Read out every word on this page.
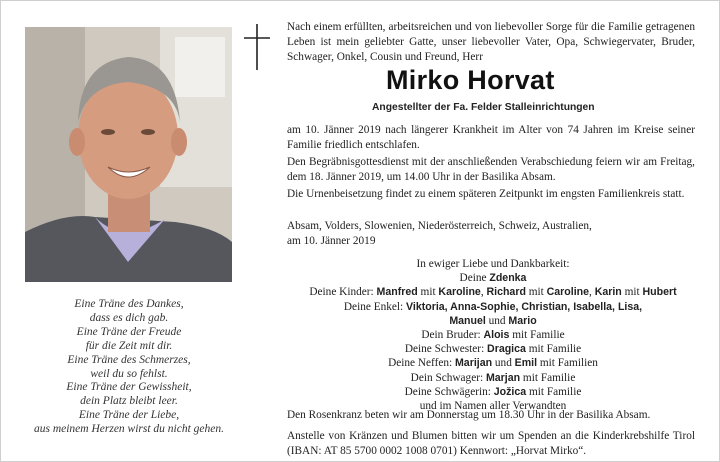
Eine Träne des Dankes,
dass es dich gab.
Eine Träne der Freude
für die Zeit mit dir.
Eine Träne des Schmerzes,
weil du so fehlst.
Eine Träne der Gewissheit,
dein Platz bleibt leer.
Eine Träne der Liebe,
aus meinem Herzen wirst du nicht gehen.
Nach einem erfüllten, arbeitsreichen und von liebevoller Sorge für die Familie getragenen Leben ist mein geliebter Gatte, unser liebevoller Vater, Opa, Schwiegervater, Bruder, Schwager, Onkel, Cousin und Freund, Herr
Mirko Horvat
Angestellter der Fa. Felder Stalleinrichtungen
am 10. Jänner 2019 nach längerer Krankheit im Alter von 74 Jahren im Kreise seiner Familie friedlich entschlafen.
Den Begräbnisgottesdienst mit der anschließenden Verabschiedung feiern wir am Freitag, dem 18. Jänner 2019, um 14.00 Uhr in der Basilika Absam.
Die Urnenbeisetzung findet zu einem späteren Zeitpunkt im engsten Familienkreis statt.
Absam, Volders, Slowenien, Niederösterreich, Schweiz, Australien,
am 10. Jänner 2019
In ewiger Liebe und Dankbarkeit:
Deine Zdenka
Deine Kinder: Manfred mit Karoline, Richard mit Caroline, Karin mit Hubert
Deine Enkel: Viktoria, Anna-Sophie, Christian, Isabella, Lisa,
Manuel und Mario
Dein Bruder: Alois mit Familie
Deine Schwester: Dragica mit Familie
Deine Neffen: Marijan und Emil mit Familien
Dein Schwager: Marjan mit Familie
Deine Schwägerin: Jožica mit Familie
und im Namen aller Verwandten
Den Rosenkranz beten wir am Donnerstag um 18.30 Uhr in der Basilika Absam.
Anstelle von Kränzen und Blumen bitten wir um Spenden an die Kinderkrebshilfe Tirol (IBAN: AT 85 5700 0002 1008 0701) Kennwort: „Horvat Mirko“.
